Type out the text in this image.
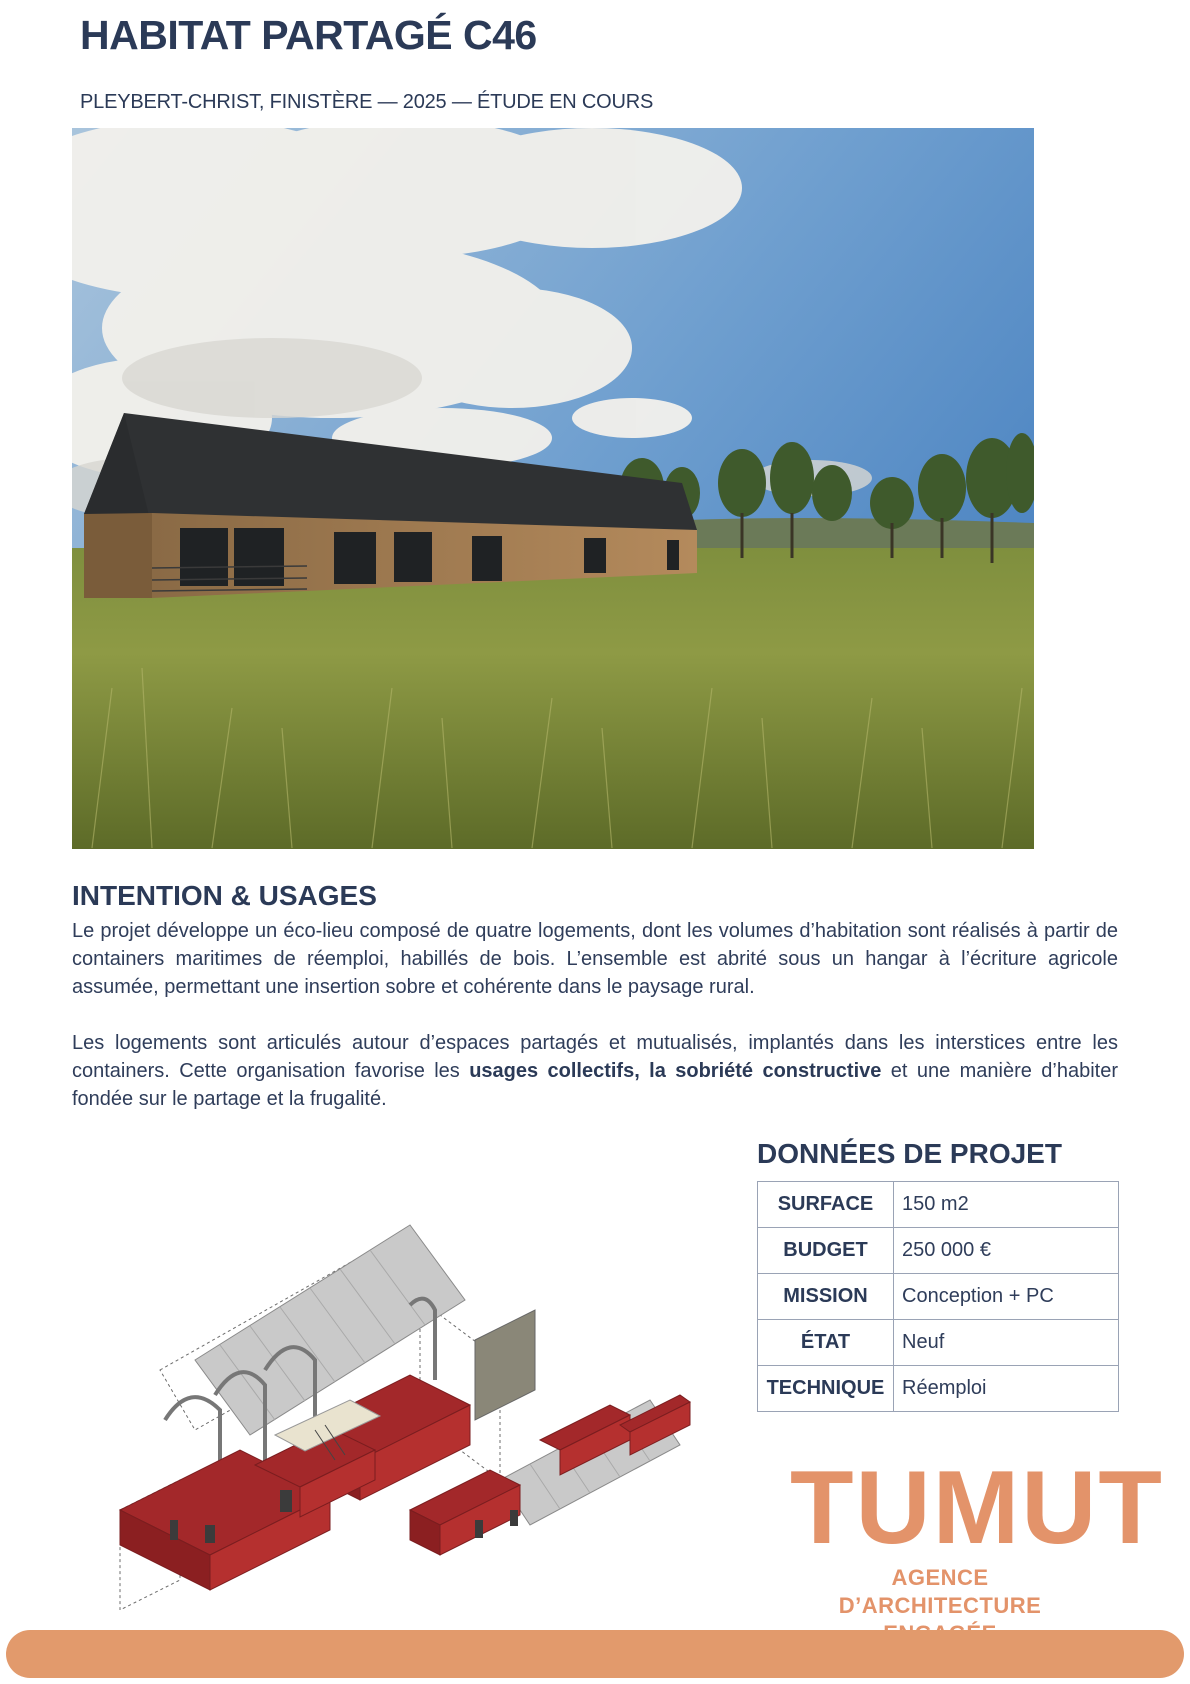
HABITAT PARTAGÉ C46

PLEYBERT-CHRIST, FINISTÈRE — 2025 — ÉTUDE EN COURS

INTENTION & USAGES

Le projet développe un éco-lieu composé de quatre logements, dont les volumes d’habitation sont réalisés à partir de containers maritimes de réemploi, habillés de bois. L’ensemble est abrité sous un hangar à l’écriture agricole assumée, permettant une insertion sobre et cohérente dans le paysage rural.

Les logements sont articulés autour d’espaces partagés et mutualisés, implantés dans les interstices entre les containers. Cette organisation favorise les usages collectifs, la sobriété constructive et une manière d’habiter fondée sur le partage et la frugalité.

DONNÉES DE PROJET
SURFACE	150 m2
BUDGET	250 000 €
MISSION	Conception + PC
ÉTAT	Neuf
TECHNIQUE	Réemploi
TUMUT
AGENCE D’ARCHITECTURE
